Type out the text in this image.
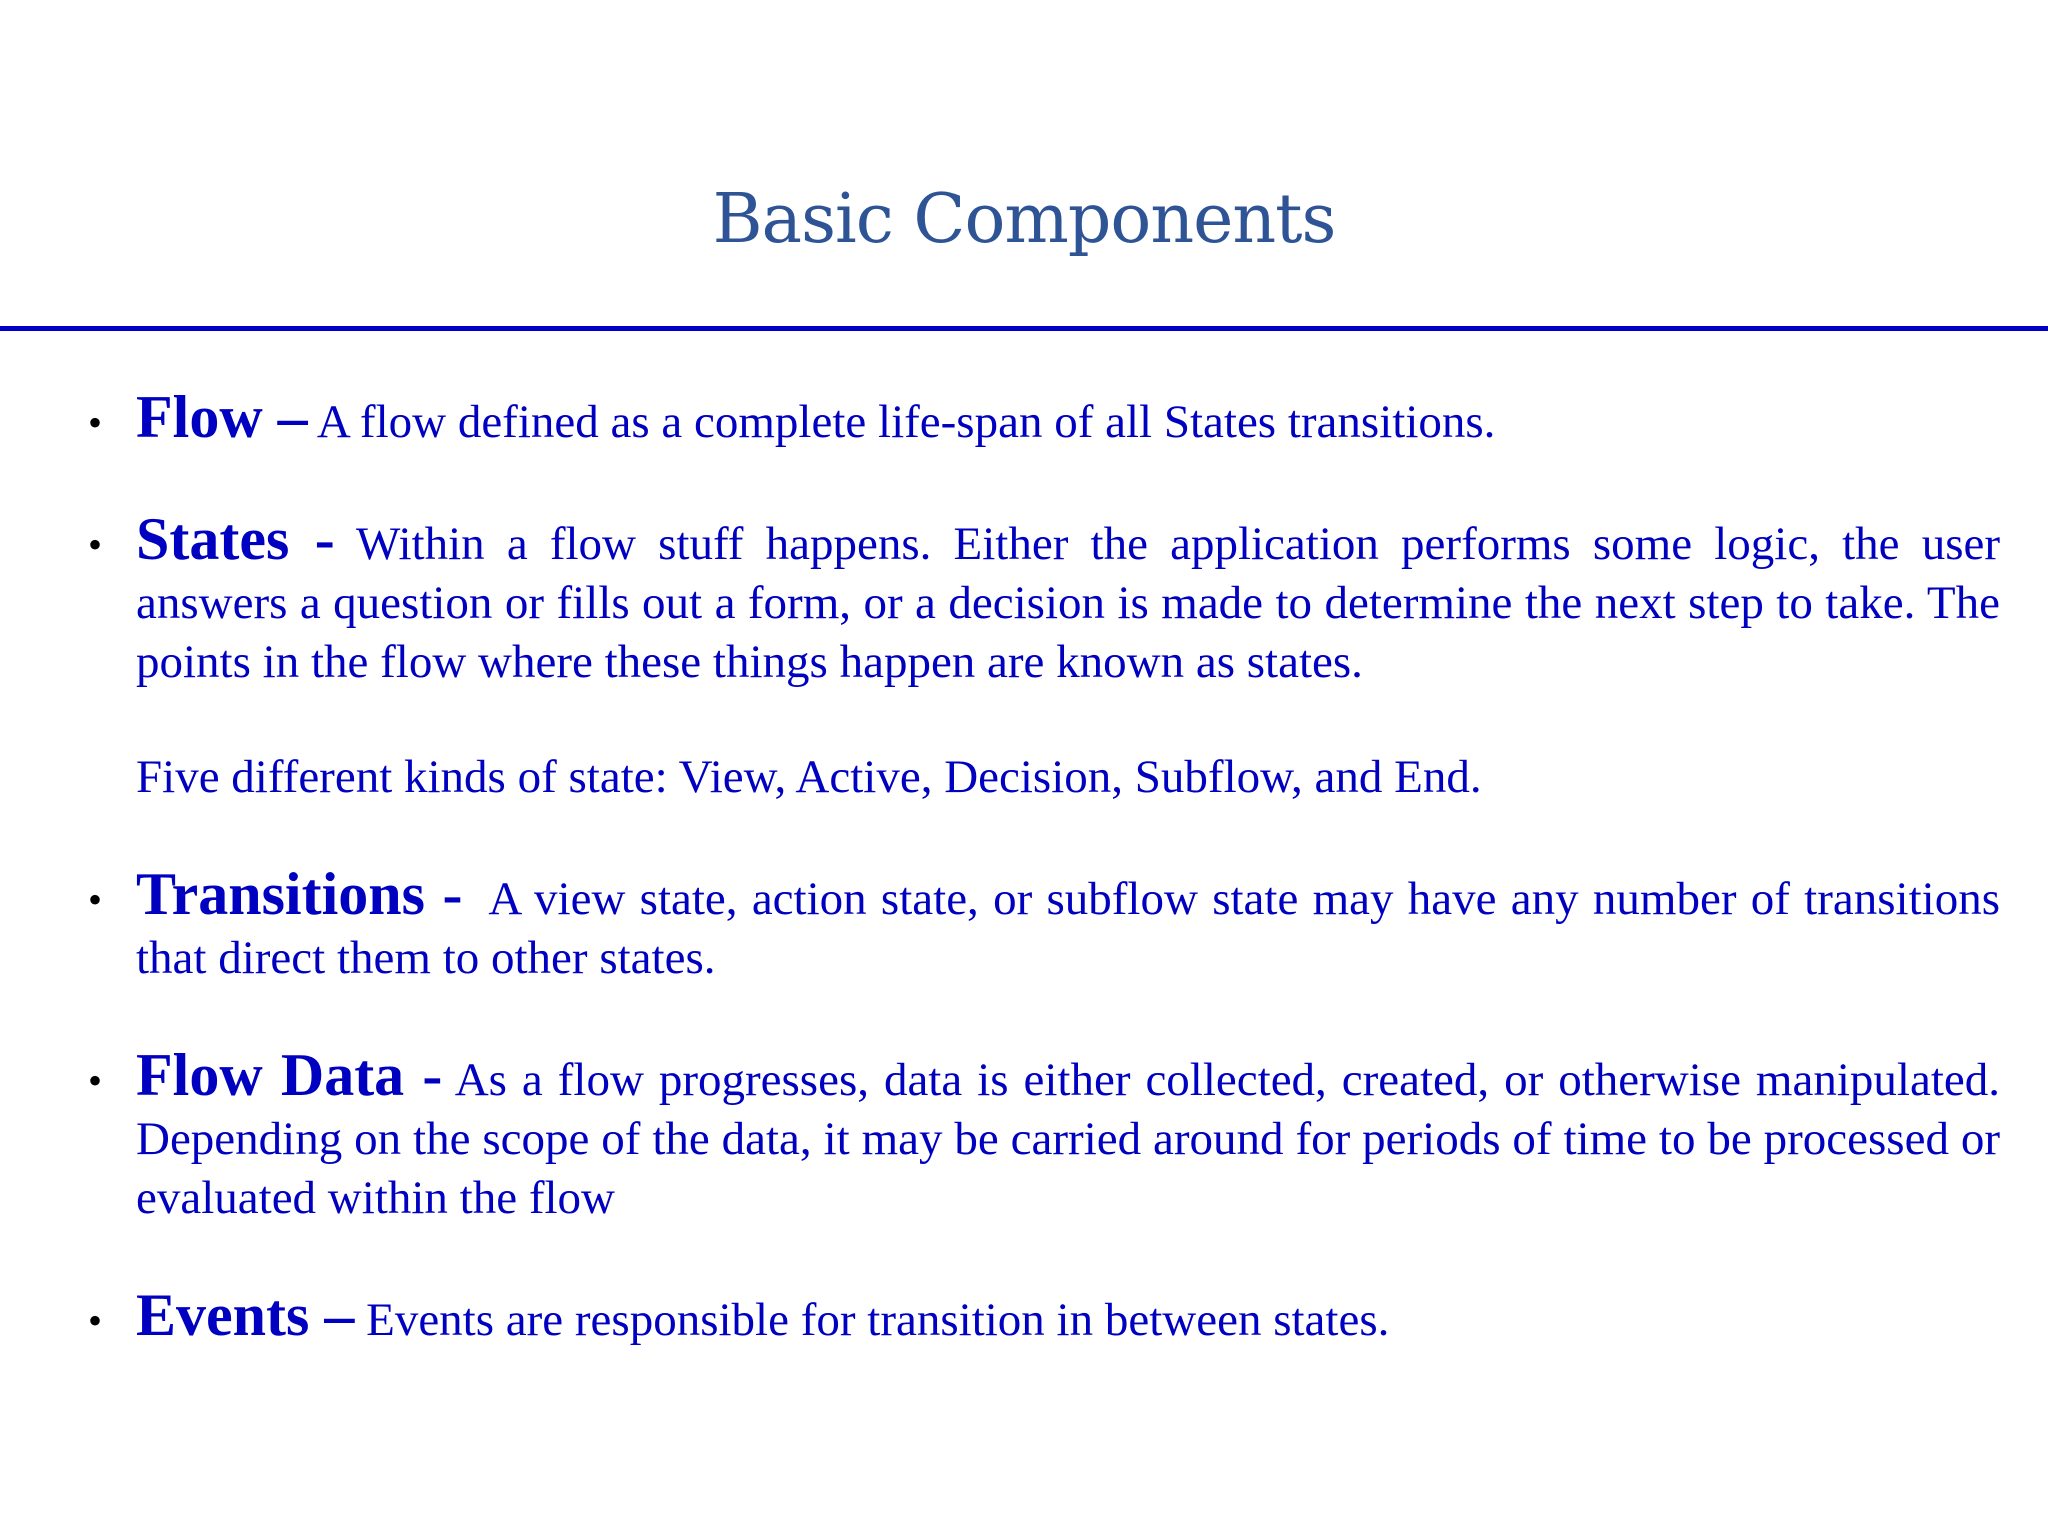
Basic Components
• Flow – A flow defined as a complete life-span of all States transitions.
• States - Within a flow stuff happens. Either the application performs some logic, the user answers a question or fills out a form, or a decision is made to determine the next step to take. The points in the flow where these things happen are known as states.
Five different kinds of state: View, Active, Decision, Subflow, and End.
• Transitions -  A view state, action state, or subflow state may have any number of transitions that direct them to other states.
• Flow Data - As a flow progresses, data is either collected, created, or otherwise manipulated. Depending on the scope of the data, it may be carried around for periods of time to be processed or evaluated within the flow
• Events – Events are responsible for transition in between states.
